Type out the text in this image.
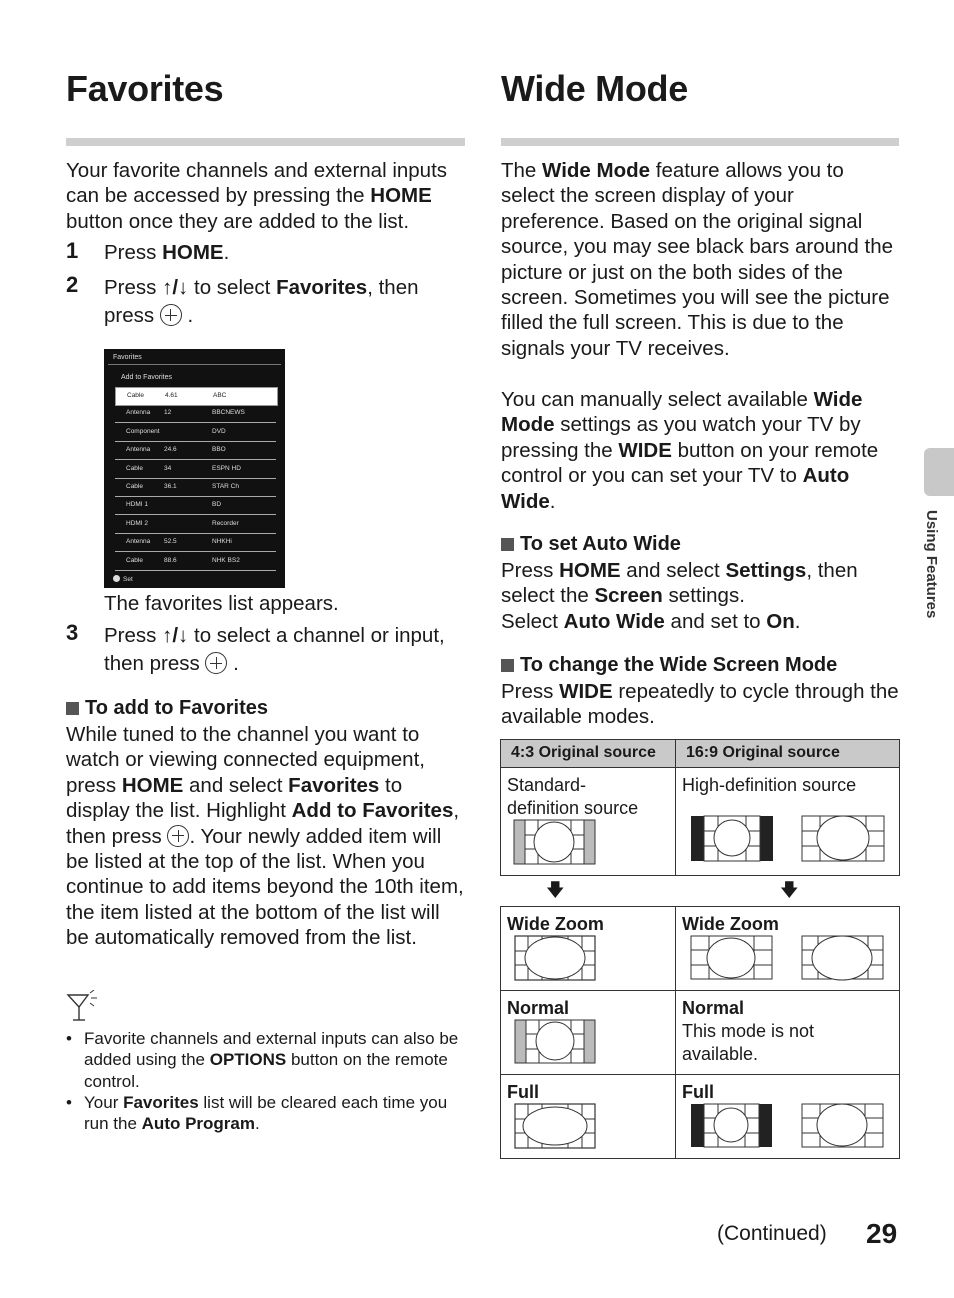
Favorites
Your favorite channels and external inputs can be accessed by pressing the HOME button once they are added to the list.
1 Press HOME.
2 Press ↑/↓ to select Favorites, then press  .
Favorites
Add to Favorites
Set
Cable	4.61	ABC
Antenna 12	BBCNEWS
Component	DVD
Antenna 24.6	BBO
Cable	34	ESPN HD
Cable	36.1	STAR Ch
HDMI 1	BD
HDMI 2	Recorder
Antenna 52.5	NHKHi
Cable	88.6	NHK BS2
The favorites list appears.
3 Press ↑/↓ to select a channel or input, then press  .
To add to Favorites
While tuned to the channel you want to watch or viewing connected equipment, press HOME and select Favorites to display the list. Highlight Add to Favorites, then press . Your newly added item will be listed at the top of the list. When you continue to add items beyond the 10th item, the item listed at the bottom of the list will be automatically removed from the list.
• Favorite channels and external inputs can also be added using the OPTIONS button on the remote control.
• Your Favorites list will be cleared each time you run the Auto Program.
Wide Mode
The Wide Mode feature allows you to select the screen display of your preference. Based on the original signal source, you may see black bars around the picture or just on the both sides of the screen. Sometimes you will see the picture filled the full screen. This is due to the signals your TV receives.
You can manually select available Wide Mode settings as you watch your TV by pressing the WIDE button on your remote control or you can set your TV to Auto Wide.
To set Auto Wide
Press HOME and select Settings, then select the Screen settings.
Select Auto Wide and set to On.
To change the Wide Screen Mode
Press WIDE repeatedly to cycle through the available modes.
4:3 Original source	16:9 Original source

Standard-definition source	High-definition source
🡇	🡇
Wide Zoom	Wide Zoom

Normal	Normal
This mode is not available.

Full	Full
Using Features
(Continued) 29
